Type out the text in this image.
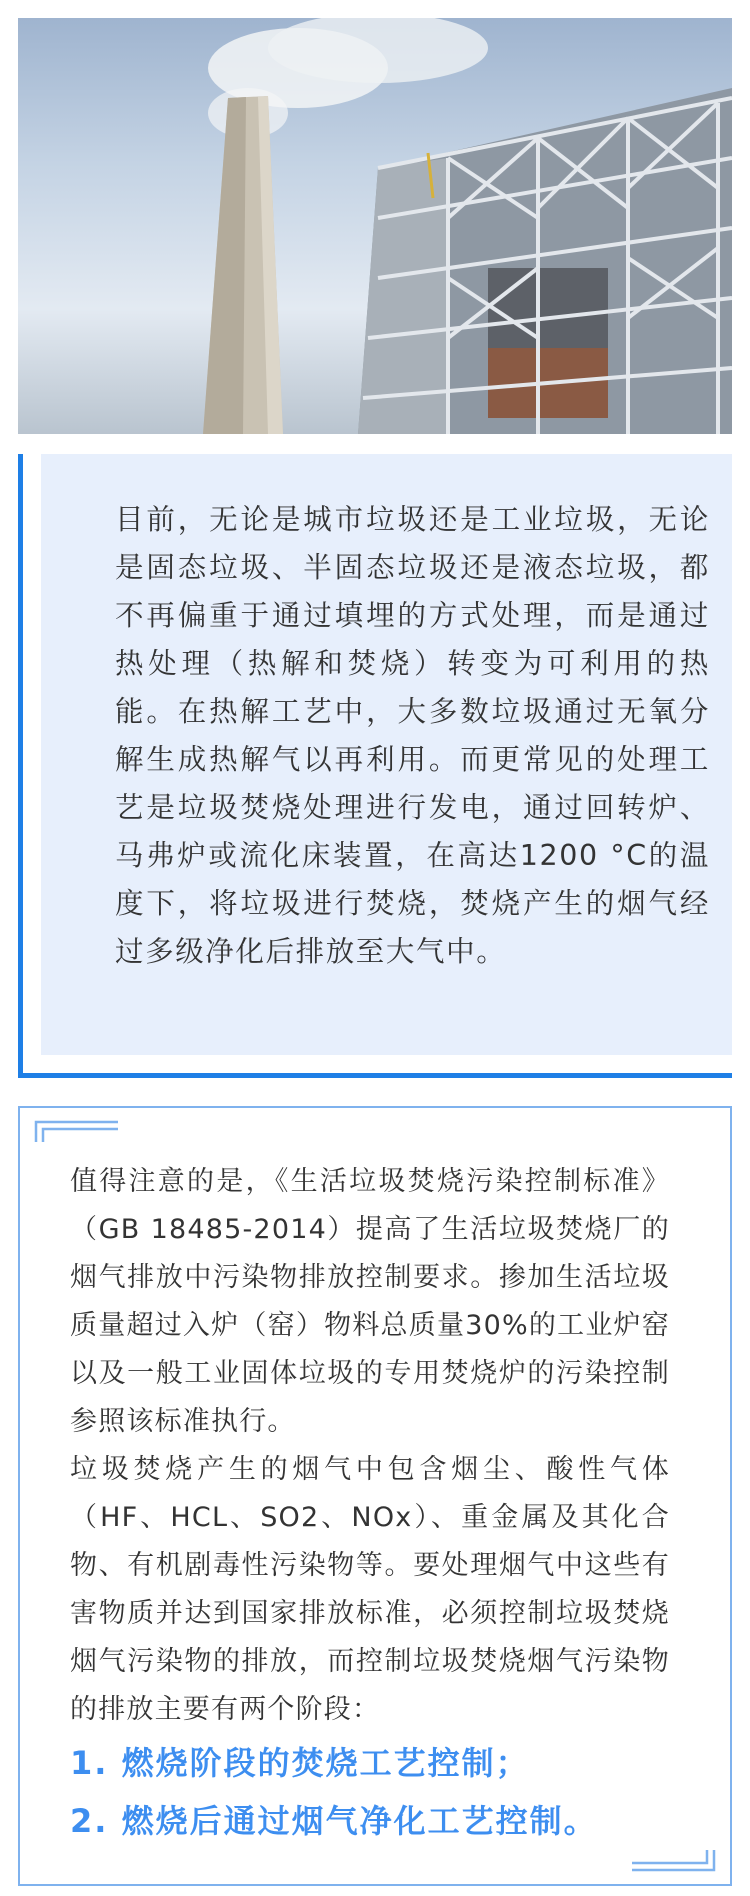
目前，无论是城市垃圾还是工业垃圾，无论是固态垃圾、半固态垃圾还是液态垃圾，都不再偏重于通过填埋的方式处理，而是通过热处理（热解和焚烧）转变为可利用的热能。在热解工艺中，大多数垃圾通过无氧分解生成热解气以再利用。而更常见的处理工艺是垃圾焚烧处理进行发电，通过回转炉、马弗炉或流化床装置，在高达1200 °C的温度下，将垃圾进行焚烧，焚烧产生的烟气经过多级净化后排放至大气中。

值得注意的是，《生活垃圾焚烧污染控制标准》（GB 18485-2014）提高了生活垃圾焚烧厂的烟气排放中污染物排放控制要求。掺加生活垃圾质量超过入炉（窑）物料总质量30%的工业炉窑以及一般工业固体垃圾的专用焚烧炉的污染控制参照该标准执行。

垃圾焚烧产生的烟气中包含烟尘、酸性气体（HF、HCL、SO2、NOx）、重金属及其化合物、有机剧毒性污染物等。要处理烟气中这些有害物质并达到国家排放标准，必须控制垃圾焚烧烟气污染物的排放，而控制垃圾焚烧烟气污染物的排放主要有两个阶段：

1. 燃烧阶段的焚烧工艺控制；

2. 燃烧后通过烟气净化工艺控制。
